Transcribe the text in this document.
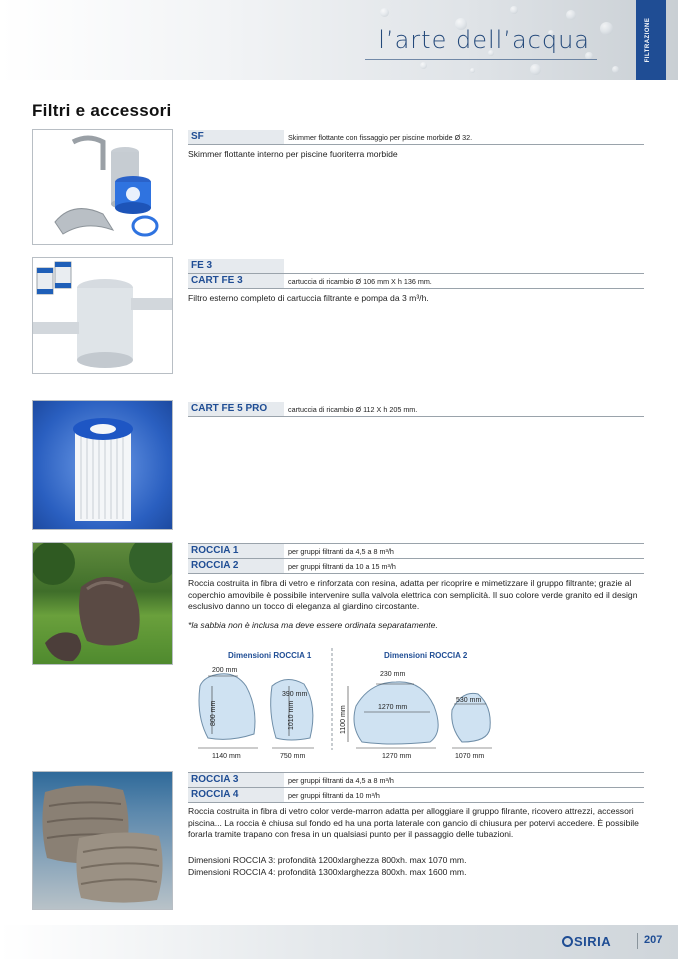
l’arte dell’acqua	FILTRAZIONE
Filtri e accessori
SF	Skimmer flottante con fissaggio per piscine morbide Ø 32.
Skimmer flottante interno per piscine fuoriterra morbide
FE 3
CART FE 3	cartuccia di ricambio Ø 106 mm X h 136 mm.
Filtro esterno completo di cartuccia filtrante e pompa da 3 m³/h.
CART FE 5 PRO	cartuccia di ricambio Ø 112 X h 205 mm.
ROCCIA 1	per gruppi filtranti da 4,5 a 8 m³/h
ROCCIA 2	per gruppi filtranti da 10 a 15 m³/h
Roccia costruita in fibra di vetro e rinforzata con resina, adatta per ricoprire e mimetizzare il gruppo filtrante; grazie al coperchio amovibile è possibile intervenire sulla valvola elettrica con semplicità. Il suo colore verde granito ed il design esclusivo danno un tocco di eleganza al giardino circostante.
*la sabbia non è inclusa ma deve essere ordinata separatamente.
Dimensioni ROCCIA 1	Dimensioni ROCCIA 2
200 mm
800 mm
390 mm
1010 mm
1140 mm	750 mm
230 mm
1100 mm	1270 mm
530 mm
1270 mm	1070 mm
ROCCIA 3	per gruppi filtranti da 4,5 a 8 m³/h
ROCCIA 4	per gruppi filtranti da 10 m³/h
Roccia costruita in fibra di vetro color verde-marron adatta per alloggiare il gruppo filrante, ricovero attrezzi, accessori piscina... La roccia è chiusa sul fondo ed ha una porta laterale con gancio di chiusura per potervi accedere. È possibile forarla tramite trapano con fresa in un qualsiasi punto per il passaggio delle tubazioni.
Dimensioni ROCCIA 3: profondità 1200xlarghezza 800xh. max 1070 mm.
Dimensioni ROCCIA 4: profondità 1300xlarghezza 800xh. max 1600 mm.
SIRIA	207
